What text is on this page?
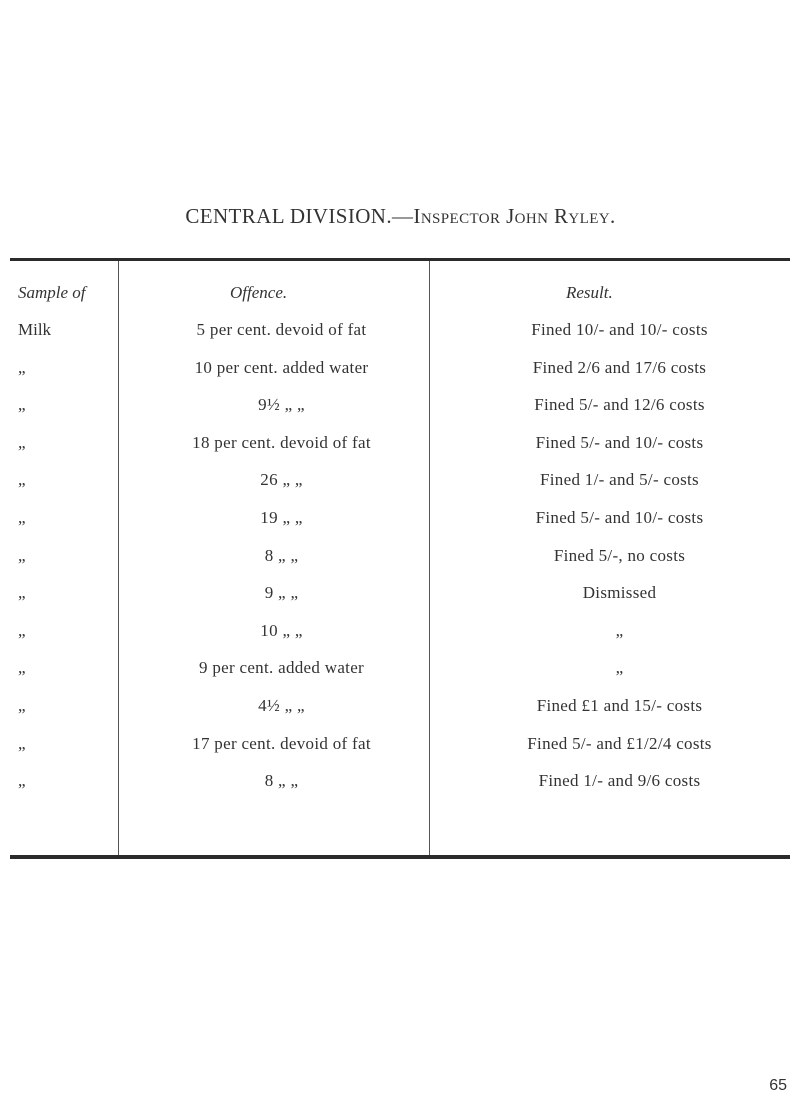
CENTRAL DIVISION.—Inspector John Ryley.
Sample of	Offence.	Result.
Milk	5 per cent. devoid of fat	Fined 10/- and 10/- costs
„	10 per cent. added water	Fined 2/6 and 17/6 costs
„	9½ „ „	Fined 5/- and 12/6 costs
„	18 per cent. devoid of fat	Fined 5/- and 10/- costs
„	26 „ „	Fined 1/- and 5/- costs
„	19 „ „	Fined 5/- and 10/- costs
„	8 „ „	Fined 5/-, no costs
„	9 „ „	Dismissed
„	10 „ „	„
„	9 per cent. added water	„
„	4½ „ „	Fined £1 and 15/- costs
„	17 per cent. devoid of fat	Fined 5/- and £1/2/4 costs
„	8 „ „	Fined 1/- and 9/6 costs
65
